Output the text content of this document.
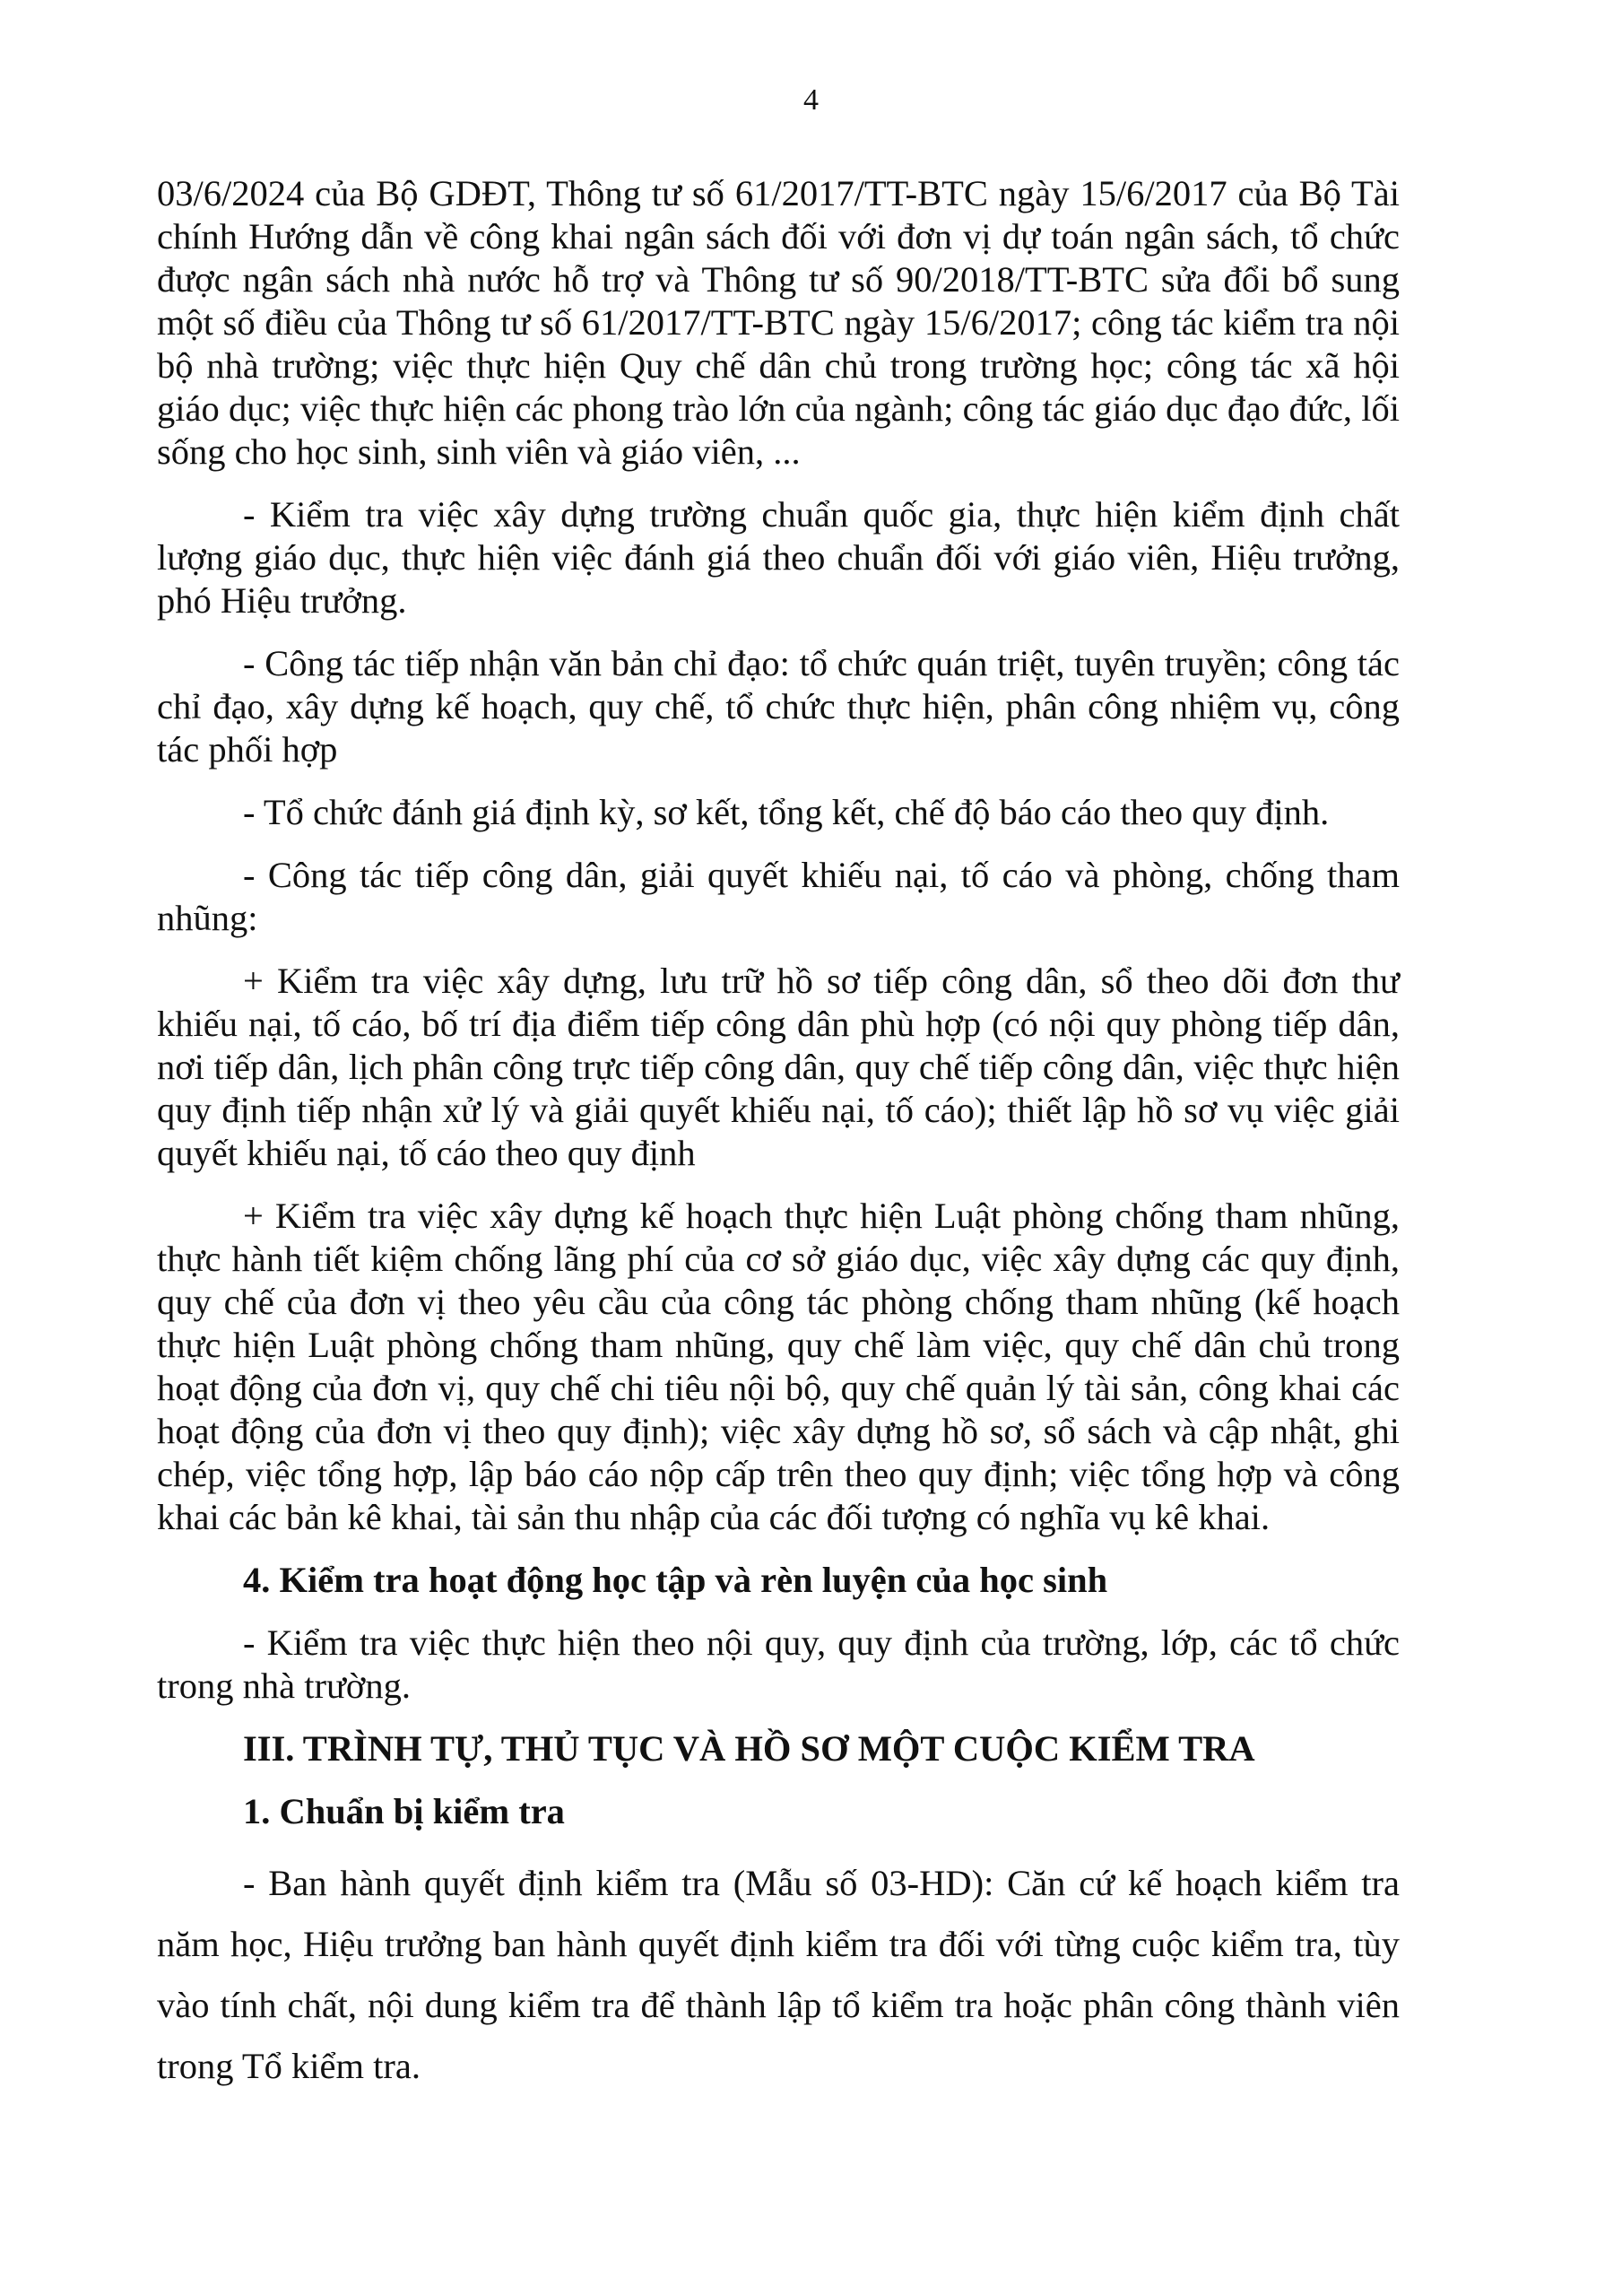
4

03/6/2024 của Bộ GDĐT, Thông tư số 61/2017/TT-BTC ngày 15/6/2017 của Bộ Tài chính Hướng dẫn về công khai ngân sách đối với đơn vị dự toán ngân sách, tổ chức được ngân sách nhà nước hỗ trợ và Thông tư số 90/2018/TT-BTC sửa đổi bổ sung một số điều của Thông tư số 61/2017/TT-BTC ngày 15/6/2017; công tác kiểm tra nội bộ nhà trường; việc thực hiện Quy chế dân chủ trong trường học; công tác xã hội giáo dục; việc thực hiện các phong trào lớn của ngành; công tác giáo dục đạo đức, lối sống cho học sinh, sinh viên và giáo viên, ...

- Kiểm tra việc xây dựng trường chuẩn quốc gia, thực hiện kiểm định chất lượng giáo dục, thực hiện việc đánh giá theo chuẩn đối với giáo viên, Hiệu trưởng, phó Hiệu trưởng.

- Công tác tiếp nhận văn bản chỉ đạo: tổ chức quán triệt, tuyên truyền; công tác chỉ đạo, xây dựng kế hoạch, quy chế, tổ chức thực hiện, phân công nhiệm vụ, công tác phối hợp

- Tổ chức đánh giá định kỳ, sơ kết, tổng kết, chế độ báo cáo theo quy định.

- Công tác tiếp công dân, giải quyết khiếu nại, tố cáo và phòng, chống tham nhũng:

+ Kiểm tra việc xây dựng, lưu trữ hồ sơ tiếp công dân, sổ theo dõi đơn thư khiếu nại, tố cáo, bố trí địa điểm tiếp công dân phù hợp (có nội quy phòng tiếp dân, nơi tiếp dân, lịch phân công trực tiếp công dân, quy chế tiếp công dân, việc thực hiện quy định tiếp nhận xử lý và giải quyết khiếu nại, tố cáo); thiết lập hồ sơ vụ việc giải quyết khiếu nại, tố cáo theo quy định

+ Kiểm tra việc xây dựng kế hoạch thực hiện Luật phòng chống tham nhũng, thực hành tiết kiệm chống lãng phí của cơ sở giáo dục, việc xây dựng các quy định, quy chế của đơn vị theo yêu cầu của công tác phòng chống tham nhũng (kế hoạch thực hiện Luật phòng chống tham nhũng, quy chế làm việc, quy chế dân chủ trong hoạt động của đơn vị, quy chế chi tiêu nội bộ, quy chế quản lý tài sản, công khai các hoạt động của đơn vị theo quy định); việc xây dựng hồ sơ, sổ sách và cập nhật, ghi chép, việc tổng hợp, lập báo cáo nộp cấp trên theo quy định; việc tổng hợp và công khai các bản kê khai, tài sản thu nhập của các đối tượng có nghĩa vụ kê khai.

4. Kiểm tra hoạt động học tập và rèn luyện của học sinh

- Kiểm tra việc thực hiện theo nội quy, quy định của trường, lớp, các tổ chức trong nhà trường.

III. TRÌNH TỰ, THỦ TỤC VÀ HỒ SƠ MỘT CUỘC KIỂM TRA

1. Chuẩn bị kiểm tra

- Ban hành quyết định kiểm tra (Mẫu số 03-HD): Căn cứ kế hoạch kiểm tra năm học, Hiệu trưởng ban hành quyết định kiểm tra đối với từng cuộc kiểm tra, tùy vào tính chất, nội dung kiểm tra để thành lập tổ kiểm tra hoặc phân công thành viên trong Tổ kiểm tra.
